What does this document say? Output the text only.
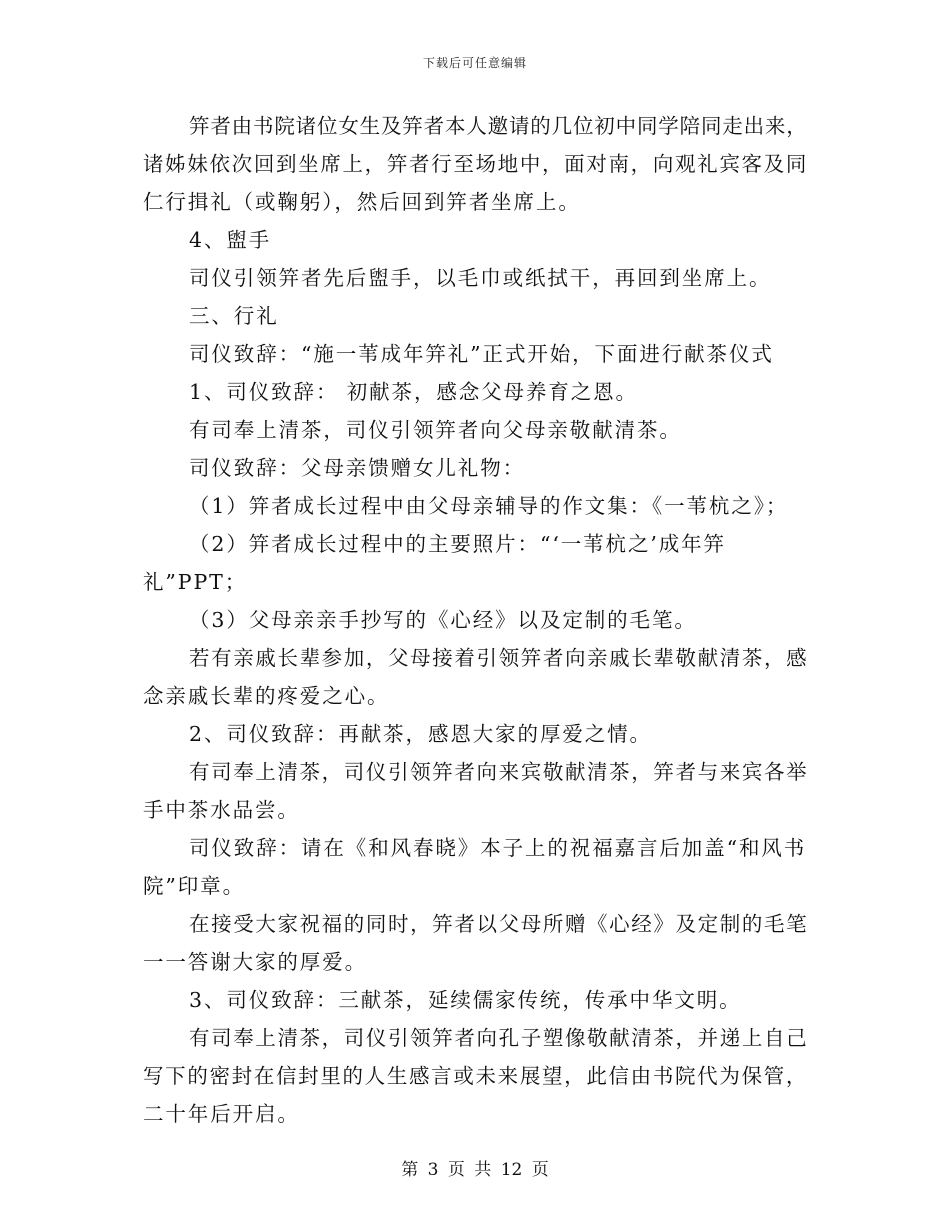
下载后可任意编辑
笄者由书院诸位女生及笄者本人邀请的几位初中同学陪同走出来，
诸姊妹依次回到坐席上，笄者行至场地中，面对南，向观礼宾客及同
仁行揖礼（或鞠躬），然后回到笄者坐席上。
4、盥手
司仪引领笄者先后盥手，以毛巾或纸拭干，再回到坐席上。
三、行礼
司仪致辞：“施一苇成年笄礼”正式开始，下面进行献茶仪式
1、司仪致辞： 初献茶，感念父母养育之恩。
有司奉上清茶，司仪引领笄者向父母亲敬献清茶。
司仪致辞：父母亲馈赠女儿礼物：
（1）笄者成长过程中由父母亲辅导的作文集：《一苇杭之》；
（2）笄者成长过程中的主要照片：“‘一苇杭之’成年笄
礼”PPT；
（3）父母亲亲手抄写的《心经》以及定制的毛笔。
若有亲戚长辈参加，父母接着引领笄者向亲戚长辈敬献清茶，感
念亲戚长辈的疼爱之心。
2、司仪致辞：再献茶，感恩大家的厚爱之情。
有司奉上清茶，司仪引领笄者向来宾敬献清茶，笄者与来宾各举
手中茶水品尝。
司仪致辞：请在《和风春晓》本子上的祝福嘉言后加盖“和风书
院”印章。
在接受大家祝福的同时，笄者以父母所赠《心经》及定制的毛笔
一一答谢大家的厚爱。
3、司仪致辞：三献茶，延续儒家传统，传承中华文明。
有司奉上清茶，司仪引领笄者向孔子塑像敬献清茶，并递上自己
写下的密封在信封里的人生感言或未来展望，此信由书院代为保管，
二十年后开启。
第 3 页 共 12 页
